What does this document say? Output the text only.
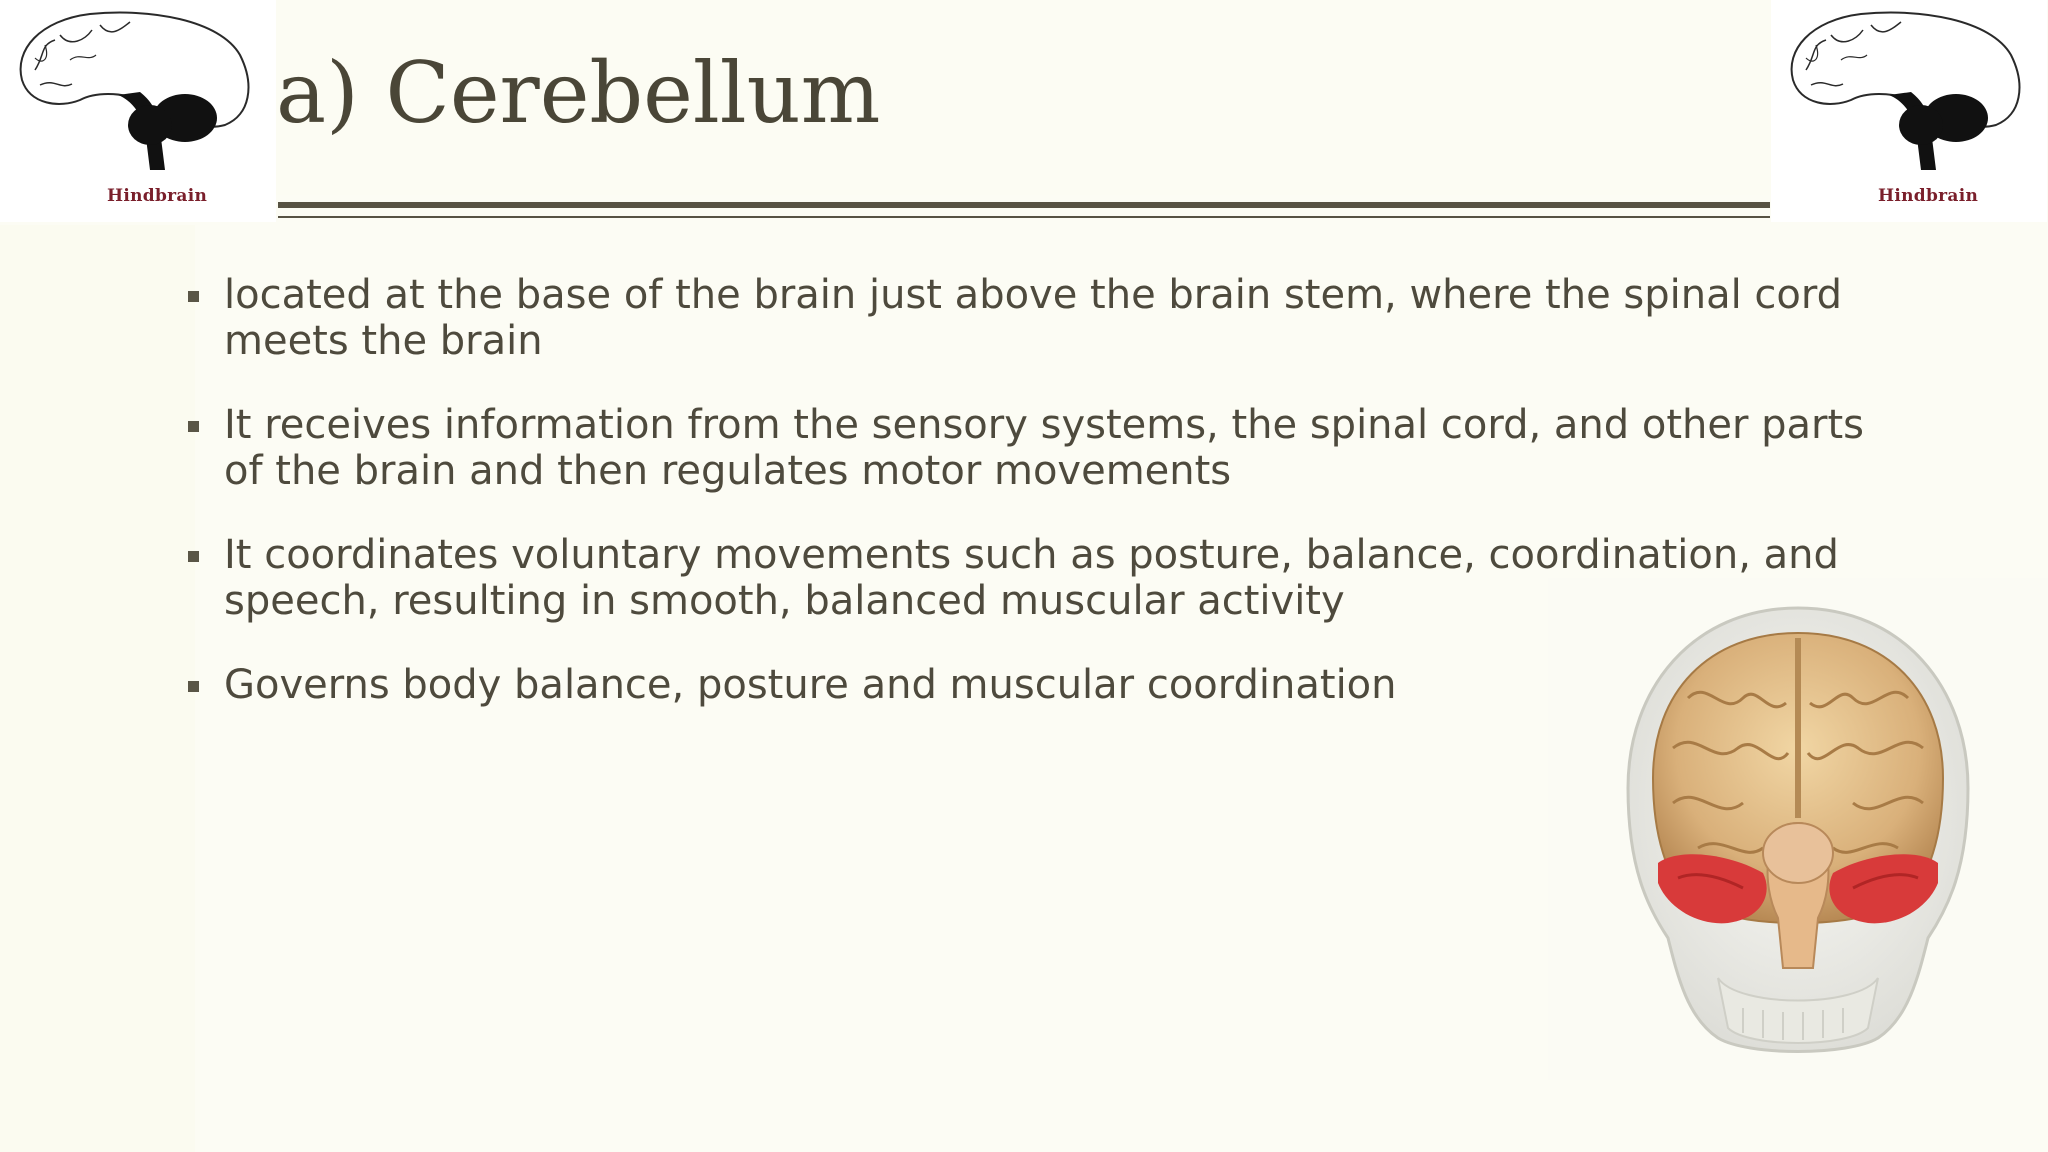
Hindbrain	Hindbrain
a) Cerebellum
located at the base of the brain just above the brain stem, where the spinal cord meets the brain
It receives information from the sensory systems, the spinal cord, and other parts of the brain and then regulates motor movements
It coordinates voluntary movements such as posture, balance, coordination, and speech, resulting in smooth, balanced muscular activity
Governs body balance, posture and muscular coordination
